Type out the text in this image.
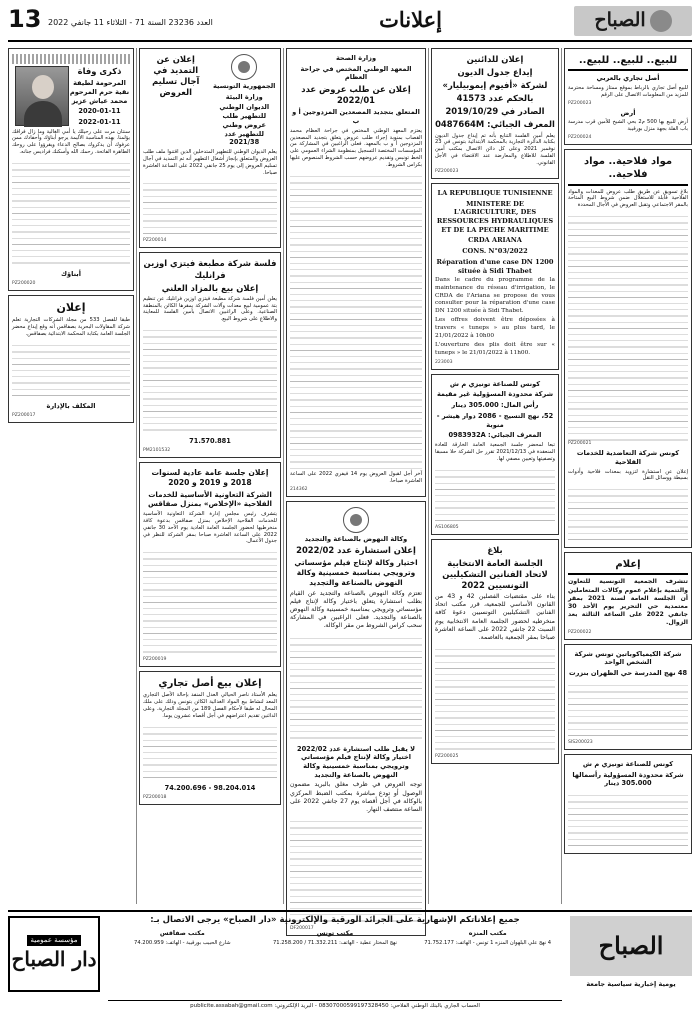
الصباح
إعلانات
العدد 23236 السنة 71 - الثلاثاء 11 جانفي 2022
13
للبيع.. للبيع.. للبيع..
أصل تجاري بالعربي
للبيع أصل تجاري بالرباط بموقع ممتاز ومساحة محترمة للمزيد من المعلومات الاتصال على الرقم
PZ200023
أرض
أرض للبيع بها 500 م2 بحي الشيخ للأمين قرب مدرسة باب الفلة بجهة منزل بورقيبة
PZ200024
مواد فلاحية.. مواد فلاحية..
بلاغ تسويق عن طريق طلب عروض للمعدات والمواد الفلاحية قابلة للاستغلال ضمن شروط البيع المتاحة بالمقر الاجتماعي وتقبل العروض في الآجال المحددة
PZ200021
كونس شركة التعاضدية للخدمات الفلاحية
إعلان عن استشارة لتزويد بمعدات فلاحية وأدوات بسيطة ووسائل النقل
إعلام
تتشرف الجمعية التونسية للتعاون والتنمية بإعلام عموم وكالات المتعاملين أن الجلسة العامة لسنة 2021 بمقر معتمدية حي التحرير يوم الأحد 30 جانفي 2022 على الساعة الثالثة بعد الزوال.
PZ200022
شركة الكيمياكوباتين تونس شركة الشخص الواحد
48 نهج المدرسة حي الظهران بنزرت
SIS200023
كونس للصناعة تونيزي م ش
شركة محدودة المسؤولية رأسمالها 305.000 دينار
إعلان للدائنين
إيداع جدول الديون
لشركة «أفيوم إيموبيليار»
بالحكم عدد 41573
الصادر في 2019/10/29
المعرف الجبائي: 0487664M
يعلم أمين الفلسة التنابع بأنه تم إيداع جدول الديون بكتابة الدائرة التجارية بالمحكمة الابتدائية بتونس في 23 نوفمبر 2021 وعلى كل دائن الاتصال بمكتب أمين الفلسة للاطلاع والمعارضة عند الاقتضاء في الأجل القانوني.
PZ200023
LA REPUBLIQUE TUNISIENNE
MINISTERE DE L'AGRICULTURE, DES RESSOURCES HYDRAULIQUES ET DE LA PECHE MARITIME
CRDA ARIANA
CONS. N°03/2022
Réparation d'une case DN 1200 située à Sidi Thabet
Dans le cadre du programme de la maintenance du réseau d'irrigation, le CRDA de l'Ariana se propose de vous consulter pour la réparation d'une case DN 1200 située à Sidi Thabet.
Les offres doivent être déposées à travers « tuneps » au plus tard, le 21/01/2022 à 10h00
L'ouverture des plis doit être sur « tuneps » le 21/01/2022 à 11h00.
223003
كونس للصناعة تونيزي م ش
شركة محدودة المسؤولية غير مقيمة
رأس المال: 305.000 دينار
52، نهج التسيج - 2086 دوار هيشر - منوبة
المعرف الجبائي: 0983932A
تبعا لمحضر جلسة الجمعية العامة الخارقة للعادة المنعقدة في 2021/12/13 تقرر حل الشركة حلا مسبقا وتصفيتها وتعيين مصفي لها.
AS106805
بلاغ
الجلسة العامة الانتخابية لاتحاد الفنانين التشكيليين التونسيين 2022
بناء على مقتضيات الفصلين 42 و 43 من القانون الأساسي للجمعية، قرر مكتب اتحاد الفنانين التشكيليين التونسيين دعوة كافة منخرطيه لحضور الجلسة العامة الانتخابية يوم السبت 22 جانفي 2022 على الساعة العاشرة صباحا بمقر الجمعية بالعاصمة.
PZ200025
وزارة الصحة
المعهد الوطني المختص في جراحة العظام
إعلان عن طلب عروض عدد 2022/01
المتعلق بتجديد المصعدين المزدوجين أ و ب
يعتزم المعهد الوطني المختص في جراحة العظام محمد القصاب بمنوبة إجراء طلب عروض يتعلق بتجديد المصعدين المزدوجين أ و ب بالمعهد. فعلى الراغبين في المشاركة من المؤسسات المختصة التسجيل بمنظومة الشراء العمومي على الخط تونبس وتقديم عروضهم حسب الشروط المنصوص عليها بكراس الشروط.
آخر أجل لقبول العروض يوم 14 فيفري 2022 على الساعة العاشرة صباحا.
214362
وكالة النهوض بالصناعة والتجديد
إعلان استشارة عدد 2022/02
اختيار وكالة لإنتاج فيلم مؤسساتي وترويجي بمناسبة خمسينية وكالة النهوض بالصناعة والتجديد
تعتزم وكالة النهوض بالصناعة والتجديد عن القيام بطلب استشارة يتعلق باختيار وكالة لإنتاج فيلم مؤسساتي وترويجي بمناسبة خمسينية وكالة النهوض بالصناعة والتجديد. فعلى الراغبين في المشاركة سحب كراس الشروط من مقر الوكالة.
لا يقبل طلب استشارة عدد 2022/02 اختيار وكالة لإنتاج فيلم مؤسساتي وترويجي بمناسبة خمسينية وكالة النهوض بالصناعة والتجديد
توجه العروض في ظرف مغلق بالبريد مضمون الوصول أو تودع مباشرة بمكتب الضبط المركزي بالوكالة في أجل أقصاه يوم 27 جانفي 2022 على الساعة منتصف النهار.
DF200017
الجمهورية التونسية
وزارة البيئة
الديوان الوطني للتطهير طلب عروض وطني للتطهير عدد 2021/38
إعلان عن التمديد في آجال تسليم العروض
يعلم الديوان الوطني للتطهير المتدخلين الذين اقتنوا ملف طلب العروض والمتعلق بإنجاز أشغال التطهير أنه تم التمديد في آجال تسليم العروض إلى يوم 25 جانفي 2022 على الساعة العاشرة صباحا.
PZ200014
فلسة شركة مطبعة فيتزي اوزين فرانليك
إعلان بيع بالمزاد العلني
يعلن أمين فلسة شركة مطبعة فيتزي اوزين فرانليك عن تنظيم بتة عمومية لبيع معدات وآلات الشركة بمقرها الكائن بالمنطقة الصناعية. وعلى الراغبين الاتصال بأمين الفلسة للمعاينة والاطلاع على شروط البيع.
71.570.881
PM2101532
إعلان جلسة عامة عادية لسنوات 2018 و 2019 و 2020
الشركة التعاونية الأساسية للخدمات الفلاحية «الإخلاص» بمنزل صفاقس
يتشرف رئيس مجلس إدارة الشركة التعاونية الأساسية للخدمات الفلاحية الإخلاص بمنزل صفاقس بدعوة كافة منخرطيها لحضور الجلسة العامة العادية يوم الأحد 30 جانفي 2022 على الساعة العاشرة صباحا بمقر الشركة للنظر في جدول الأعمال.
PZ200019
إعلان بيع أصل تجاري
يعلم الأستاذ ناصر الحيالي العدل المنفذ بإحالة الأصل التجاري المعد لنشاط بيع المواد الغذائية الكائن بتونس وذلك على ملك المحال له طبقا لأحكام الفصل 189 من المجلة التجارية. وعلى الدائنين تقديم اعتراضهم في أجل أقصاه عشرون يوما.
98.204.014 - 74.200.696
PZ200018
ذكرى وفاة
المرحومة لطيفة نقية حرم المرحوم محمد عياش عزيز
2020-01-11
2022-01-11
سنتان مرت على رحيلك يا أمي الغالية وما زال فراقك يؤلمنا. بهذه المناسبة الأليمة يرجو أبناؤك وأحفادك ممن عرفوك أن يذكروك بصالح الدعاء ويقرؤوا على روحك الطاهرة الفاتحة. رحمك الله وأسكنك فراديس جنانه.
أبناؤك
PZ200020
إعلان
طبقا للفصل 533 من مجلة الشركات التجارية تعلم شركة المقاولات البحرية بصفاقس أنه وقع إيداع محضر الجلسة العامة بكتابة المحكمة الابتدائية بصفاقس.
المكلف بالإدارة
PZ200017
مؤسسة عمومية
دار الصباح
جميع إعلاناتكم الإشهارية على الجرائد الورقية والإلكترونية «دار الصباح» يرجى الاتصال بـ:
مكتب المنزه
4 نهج علي البلهوان المنزه 1 تونس - الهاتف: 71.752.177
مكتب تونس
نهج المختار عطية - الهاتف: 71.332.211 / 71.258.200
مكتب صفاقس
شارع الحبيب بورقيبة - الهاتف: 74.200.959	الصباح
يومية إخبارية سياسية جامعة
الحساب الجاري بالبنك الوطني الفلاحي: 08307000599197328450 - البريد الإلكتروني: publicite.assabah@gmail.com
